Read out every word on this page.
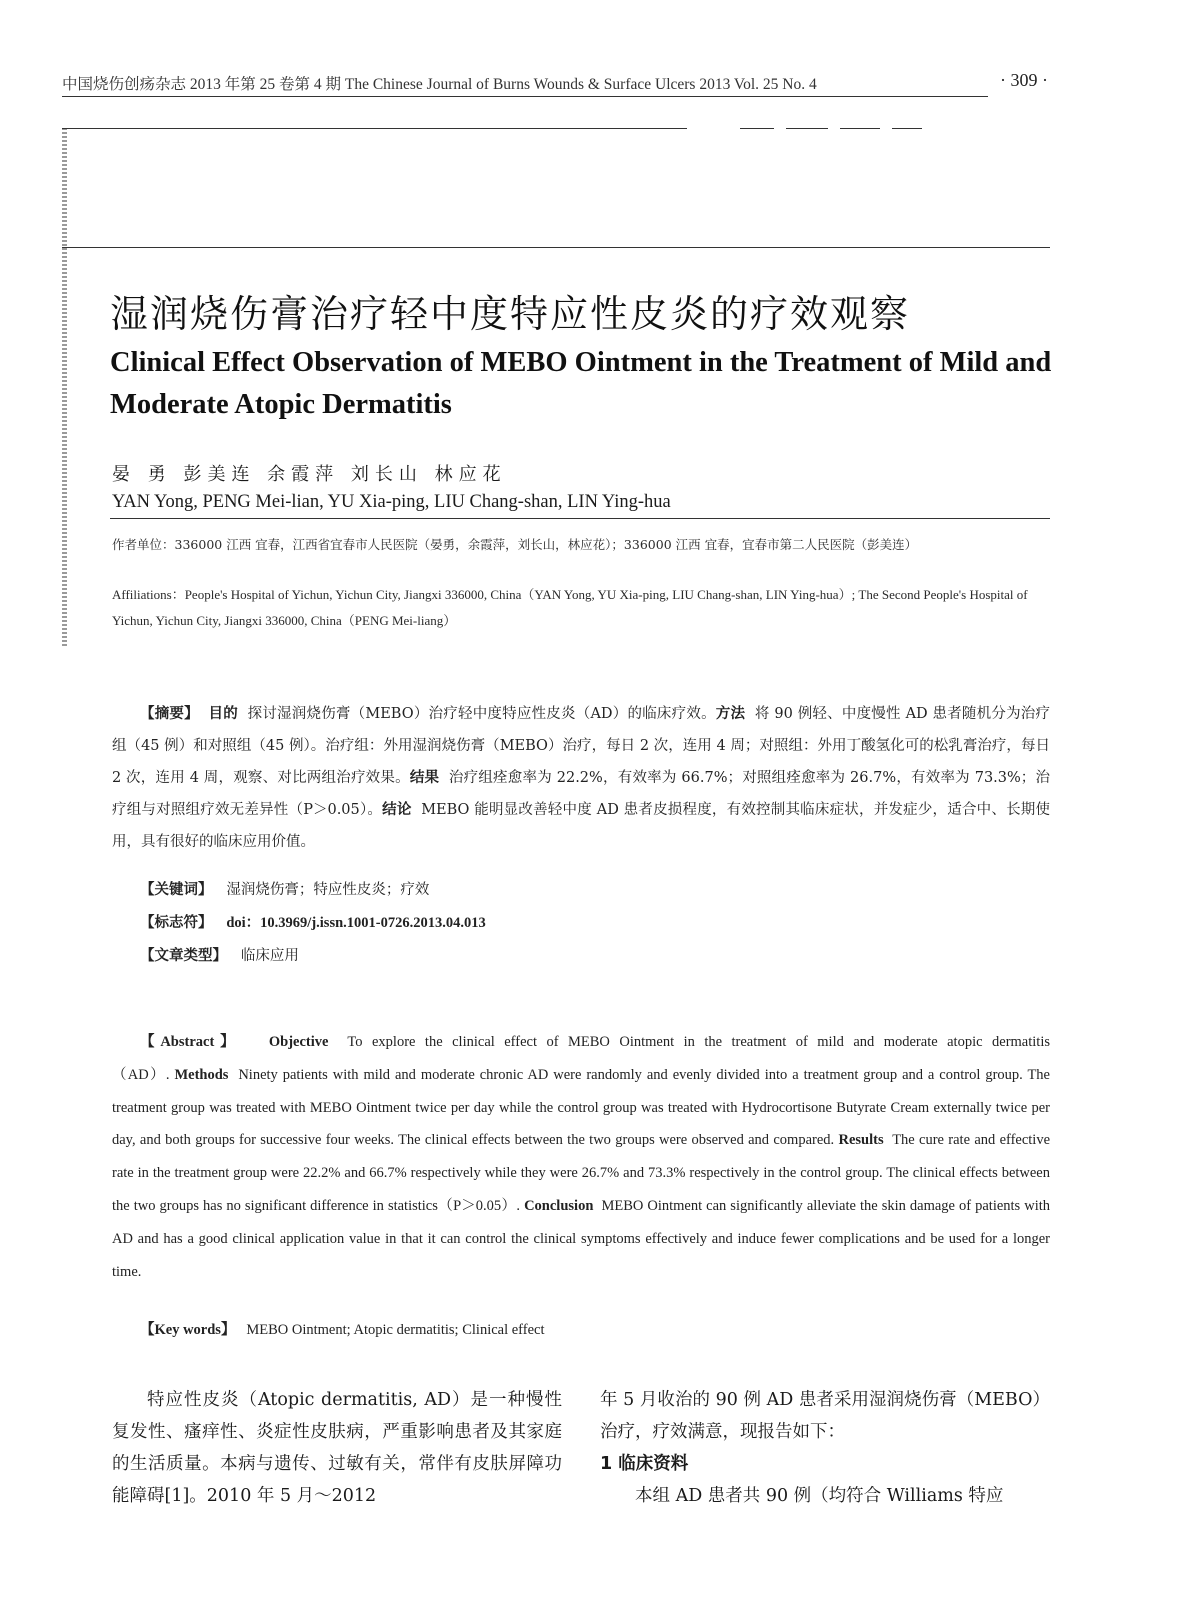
中国烧伤创疡杂志 2013 年第 25 卷第 4 期 The Chinese Journal of Burns Wounds & Surface Ulcers 2013 Vol. 25 No. 4	· 309 ·
湿润烧伤膏治疗轻中度特应性皮炎的疗效观察
Clinical Effect Observation of MEBO Ointment in the Treatment of Mild and Moderate Atopic Dermatitis
晏 勇 彭美连 余霞萍 刘长山 林应花
YAN Yong, PENG Mei-lian, YU Xia-ping, LIU Chang-shan, LIN Ying-hua
作者单位：336000 江西 宜春，江西省宜春市人民医院（晏勇，余霞萍，刘长山，林应花）；336000 江西 宜春，宜春市第二人民医院（彭美连）
Affiliations：People's Hospital of Yichun, Yichun City, Jiangxi 336000, China（YAN Yong, YU Xia-ping, LIU Chang-shan, LIN Ying-hua）; The Second People's Hospital of Yichun, Yichun City, Jiangxi 336000, China（PENG Mei-liang）
【摘要】 目的 探讨湿润烧伤膏（MEBO）治疗轻中度特应性皮炎（AD）的临床疗效。方法 将 90 例轻、中度慢性 AD 患者随机分为治疗组（45 例）和对照组（45 例）。治疗组：外用湿润烧伤膏（MEBO）治疗，每日 2 次，连用 4 周；对照组：外用丁酸氢化可的松乳膏治疗，每日 2 次，连用 4 周，观察、对比两组治疗效果。结果 治疗组痊愈率为 22.2%，有效率为 66.7%；对照组痊愈率为 26.7%，有效率为 73.3%；治疗组与对照组疗效无差异性（P＞0.05）。结论 MEBO 能明显改善轻中度 AD 患者皮损程度，有效控制其临床症状，并发症少，适合中、长期使用，具有很好的临床应用价值。
【关键词】 湿润烧伤膏；特应性皮炎；疗效
【标志符】 doi：10.3969/j.issn.1001-0726.2013.04.013
【文章类型】 临床应用
【Abstract】 Objective To explore the clinical effect of MEBO Ointment in the treatment of mild and moderate atopic dermatitis（AD）. Methods Ninety patients with mild and moderate chronic AD were randomly and evenly divided into a treatment group and a control group. The treatment group was treated with MEBO Ointment twice per day while the control group was treated with Hydrocortisone Butyrate Cream externally twice per day, and both groups for successive four weeks. The clinical effects between the two groups were observed and compared. Results The cure rate and effective rate in the treatment group were 22.2% and 66.7% respectively while they were 26.7% and 73.3% respectively in the control group. The clinical effects between the two groups has no significant difference in statistics（P＞0.05）. Conclusion MEBO Ointment can significantly alleviate the skin damage of patients with AD and has a good clinical application value in that it can control the clinical symptoms effectively and induce fewer complications and be used for a longer time.
【Key words】 MEBO Ointment; Atopic dermatitis; Clinical effect

特应性皮炎（Atopic dermatitis, AD）是一种慢性复发性、瘙痒性、炎症性皮肤病，严重影响患者及其家庭的生活质量。本病与遗传、过敏有关，常伴有皮肤屏障功能障碍[1]。2010 年 5 月～2012

年 5 月收治的 90 例 AD 患者采用湿润烧伤膏（MEBO）治疗，疗效满意，现报告如下：

1 临床资料

本组 AD 患者共 90 例（均符合 Williams 特应
